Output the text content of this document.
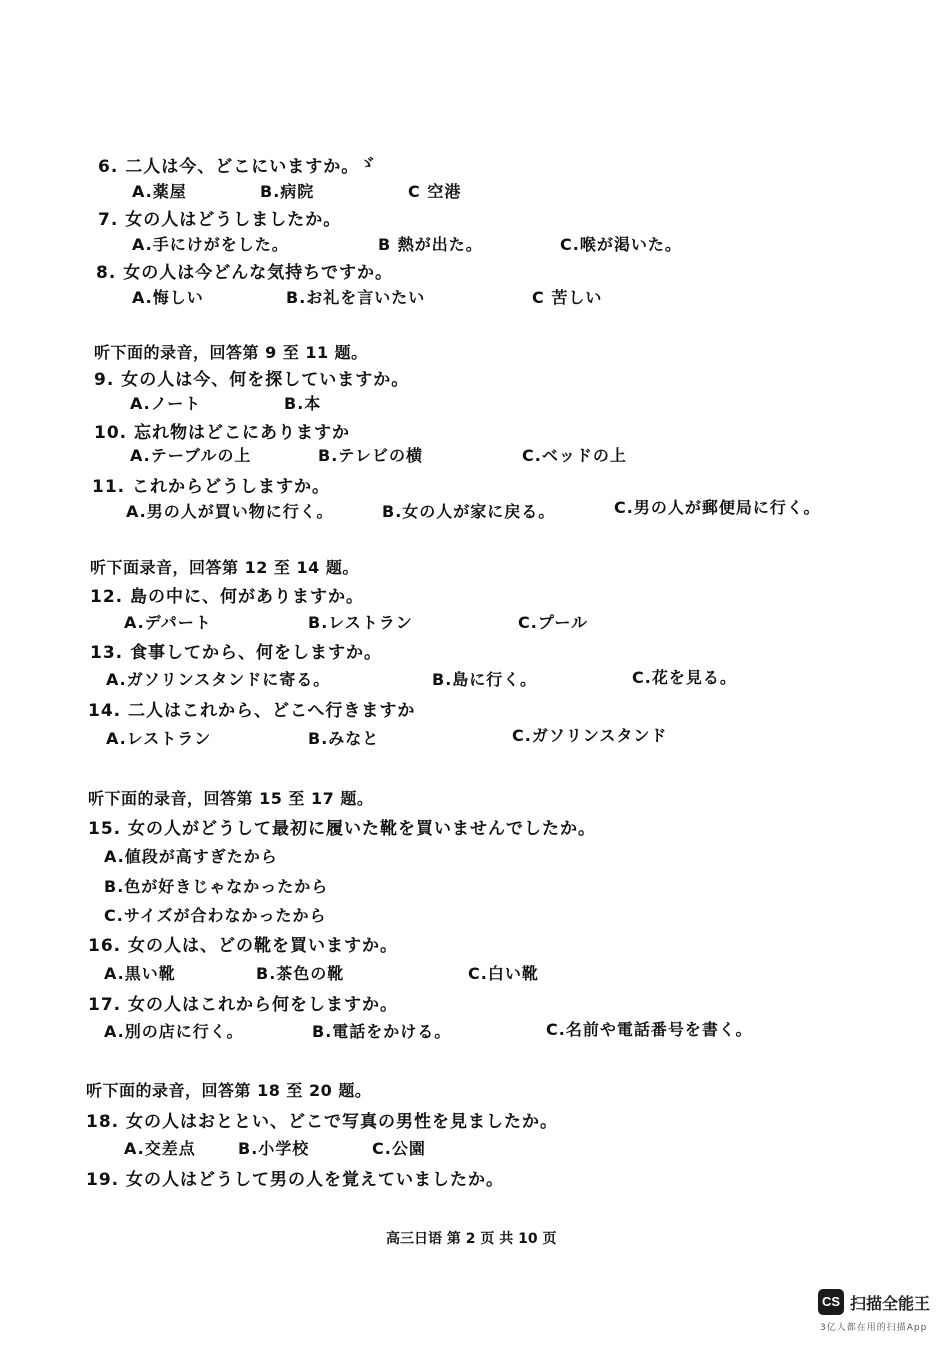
6. 二人は今、どこにいますか。
ゞ
A.薬屋	B.病院	C 空港
7. 女の人はどうしましたか。
A.手にけがをした。	B 熱が出た。	C.喉が渇いた。
8. 女の人は今どんな気持ちですか。
A.悔しい	B.お礼を言いたい	C 苦しい
听下面的录音，回答第 9 至 11 题。
9. 女の人は今、何を探していますか。
A.ノート	B.本
10. 忘れ物はどこにありますか
A.テーブルの上	B.テレビの横	C.ベッドの上
11. これからどうしますか。
A.男の人が買い物に行く。	B.女の人が家に戻る。	C.男の人が郵便局に行く。
听下面录音，回答第 12 至 14 题。
12. 島の中に、何がありますか。
A.デパート	B.レストラン	C.プール
13. 食事してから、何をしますか。
A.ガソリンスタンドに寄る。	B.島に行く。	C.花を見る。
14. 二人はこれから、どこへ行きますか
A.レストラン	B.みなと	C.ガソリンスタンド
听下面的录音，回答第 15 至 17 题。
15. 女の人がどうして最初に履いた靴を買いませんでしたか。
A.値段が高すぎたから
B.色が好きじゃなかったから
C.サイズが合わなかったから
16. 女の人は、どの靴を買いますか。
A.黒い靴	B.茶色の靴	C.白い靴
17. 女の人はこれから何をしますか。
A.別の店に行く。	B.電話をかける。	C.名前や電話番号を書く。
听下面的录音，回答第 18 至 20 题。
18. 女の人はおととい、どこで写真の男性を見ましたか。
A.交差点	B.小学校	C.公園
19. 女の人はどうして男の人を覚えていましたか。
高三日语 第 2 页 共 10 页
CS 扫描全能王
3亿人都在用的扫描App
